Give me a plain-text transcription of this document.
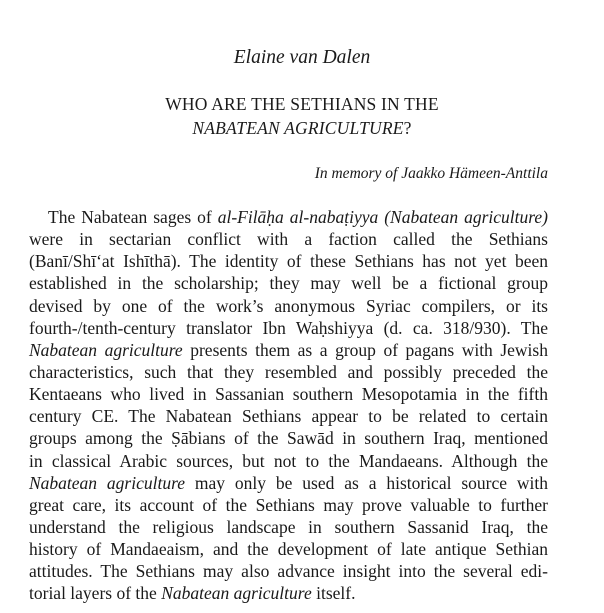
Elaine van Dalen
WHO ARE THE SETHIANS IN THE
NABATEAN AGRICULTURE?
In memory of Jaakko Hämeen-Anttila
The Nabatean sages of al-Filāḥa al-nabaṭiyya (Nabatean agriculture)
were in sectarian conflict with a faction called the Sethians
(Banī/Shī‘at Ishīthā). The identity of these Sethians has not yet been
established in the scholarship; they may well be a fictional group
devised by one of the work’s anonymous Syriac compilers, or its
fourth-/tenth-century translator Ibn Waḥshiyya (d. ca. 318/930). The
Nabatean agriculture presents them as a group of pagans with Jewish
characteristics, such that they resembled and possibly preceded the
Kentaeans who lived in Sassanian southern Mesopotamia in the fifth
century CE. The Nabatean Sethians appear to be related to certain
groups among the Ṣābians of the Sawād in southern Iraq, mentioned
in classical Arabic sources, but not to the Mandaeans. Although the
Nabatean agriculture may only be used as a historical source with
great care, its account of the Sethians may prove valuable to further
understand the religious landscape in southern Sassanid Iraq, the
history of Mandaeaism, and the development of late antique Sethian
attitudes. The Sethians may also advance insight into the several edi-
torial layers of the Nabatean agriculture itself.
